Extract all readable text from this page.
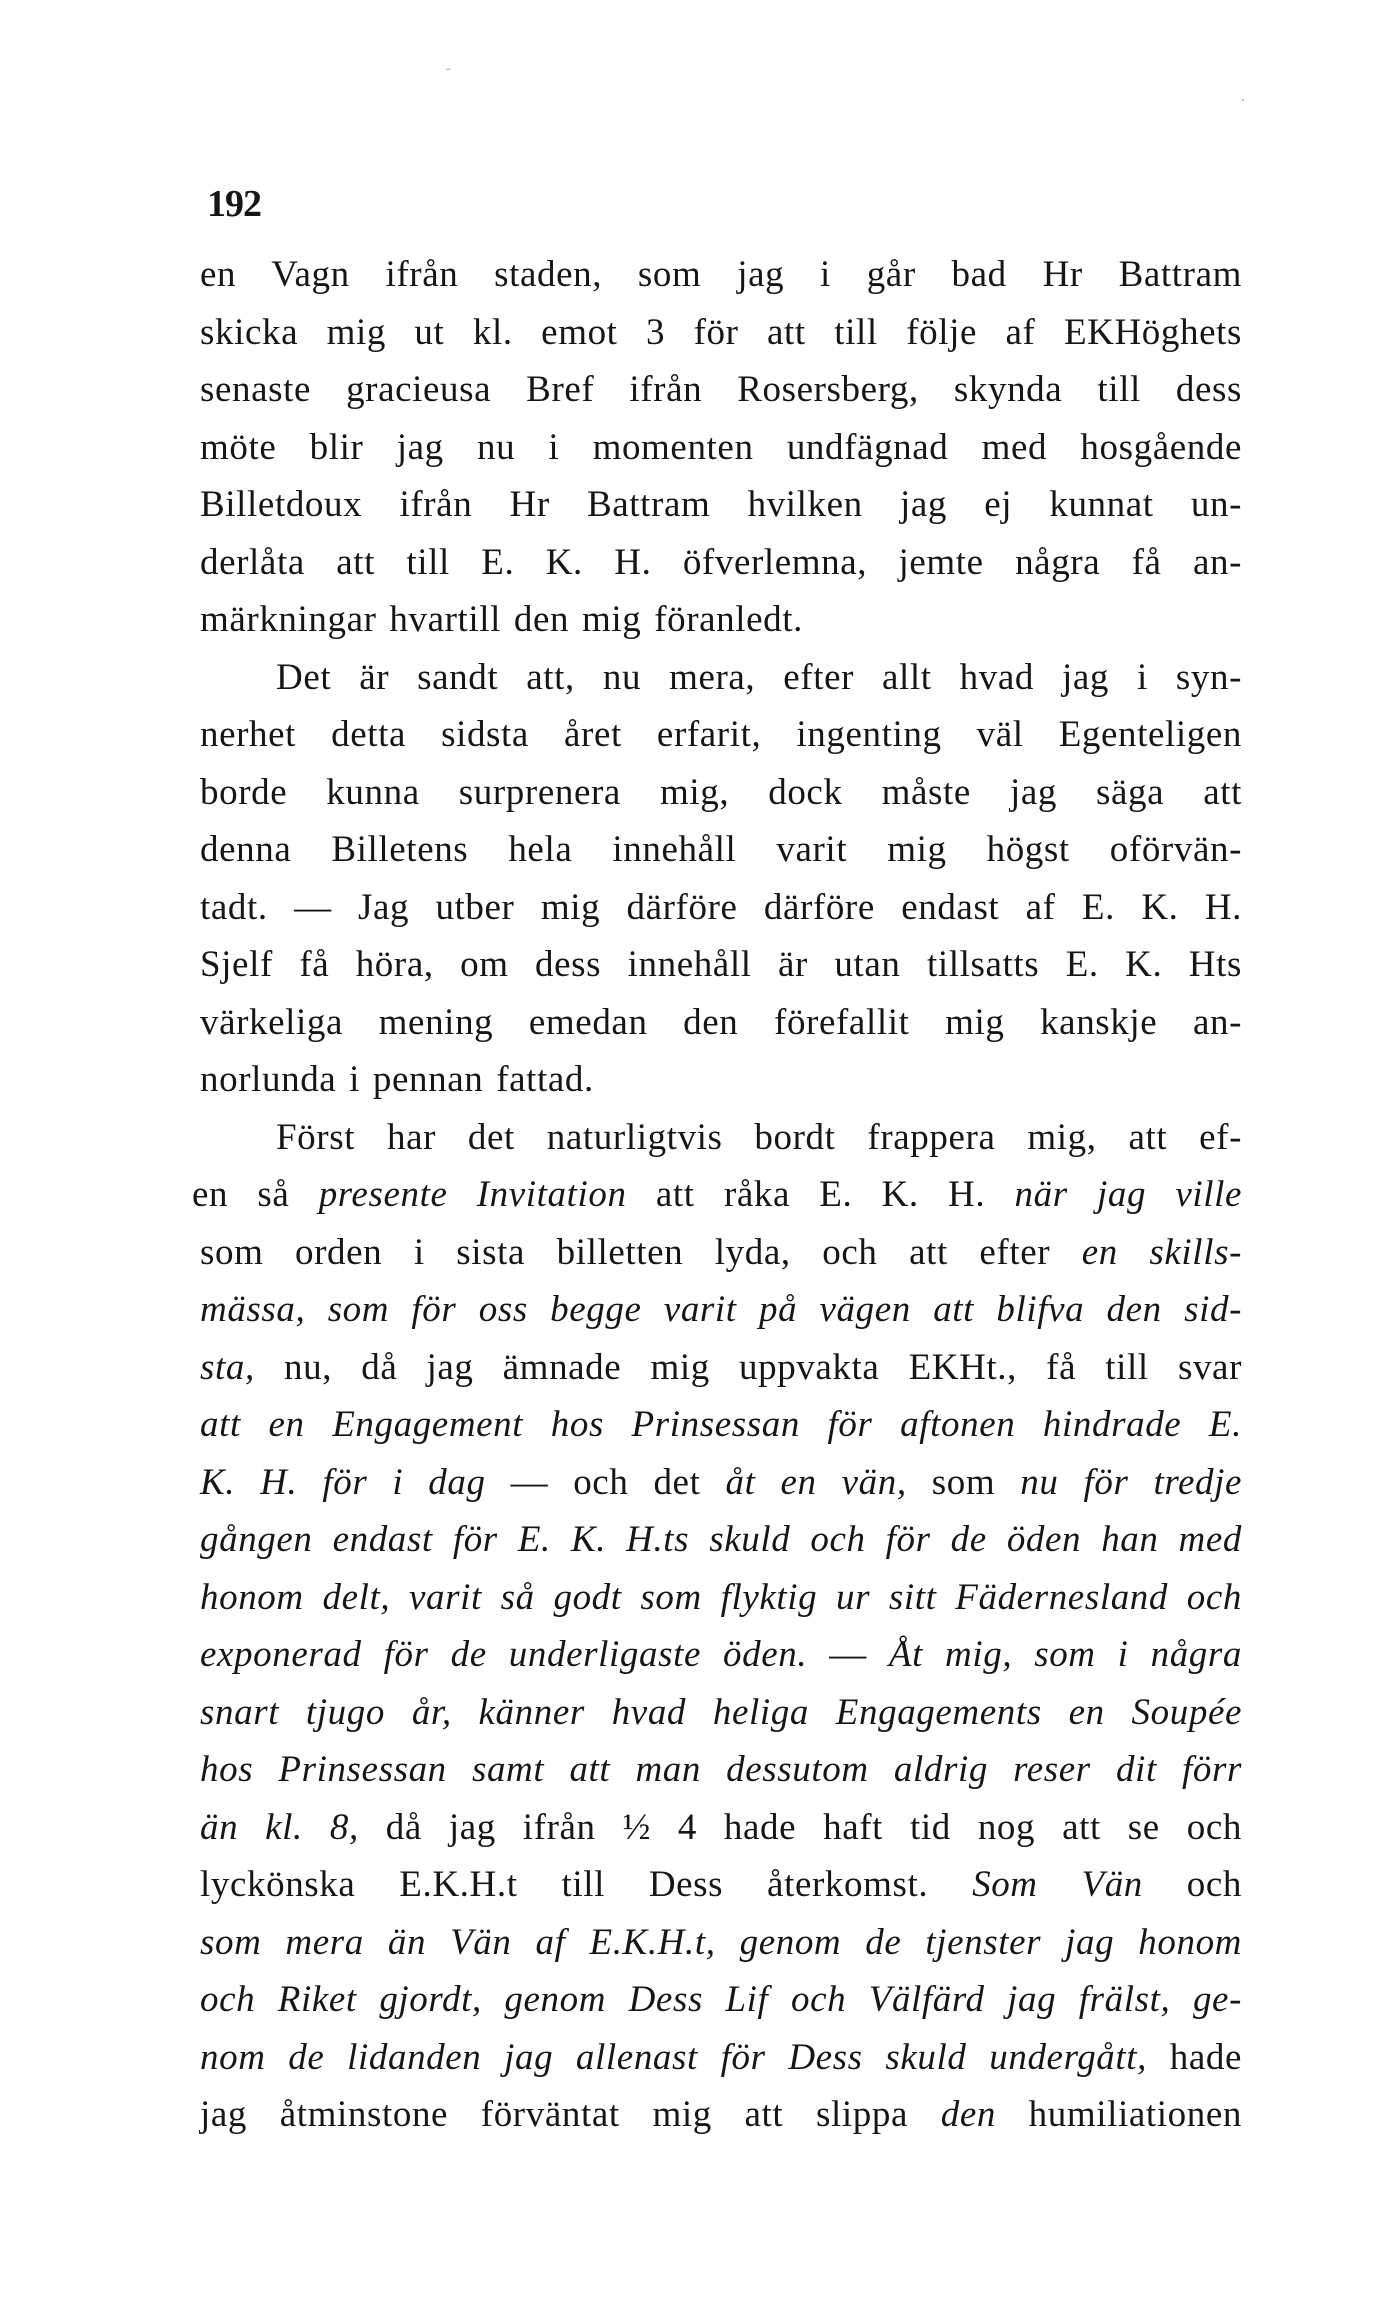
-
·
192
en Vagn ifrån staden, som jag i går bad Hr Battram
skicka mig ut kl. emot 3 för att till följe af EKHöghets
senaste gracieusa Bref ifrån Rosersberg, skynda till dess
möte blir jag nu i momenten undfägnad med hosgående
Billetdoux ifrån Hr Battram hvilken jag ej kunnat un-
derlåta att till E. K. H. öfverlemna, jemte några få an-
märkningar hvartill den mig föranledt.
Det är sandt att, nu mera, efter allt hvad jag i syn-
nerhet detta sidsta året erfarit, ingenting väl Egenteligen
borde kunna surprenera mig, dock måste jag säga att
denna Billetens hela innehåll varit mig högst oförvän-
tadt. — Jag utber mig därföre därföre endast af E. K. H.
Sjelf få höra, om dess innehåll är utan tillsatts E. K. Hts
värkeliga mening emedan den förefallit mig kanskje an-
norlunda i pennan fattad.
Först har det naturligtvis bordt frappera mig, att ef-
en så presente Invitation att råka E. K. H. när jag ville
som orden i sista billetten lyda, och att efter en skills-
mässa, som för oss begge varit på vägen att blifva den sid-
sta, nu, då jag ämnade mig uppvakta EKHt., få till svar
att en Engagement hos Prinsessan för aftonen hindrade E.
K. H. för i dag — och det åt en vän, som nu för tredje
gången endast för E. K. H.ts skuld och för de öden han med
honom delt, varit så godt som flyktig ur sitt Fädernesland och
exponerad för de underligaste öden. — Åt mig, som i några
snart tjugo år, känner hvad heliga Engagements en Soupée
hos Prinsessan samt att man dessutom aldrig reser dit förr
än kl. 8, då jag ifrån ½ 4 hade haft tid nog att se och
lyckönska E.K.H.t till Dess återkomst. Som Vän och
som mera än Vän af E.K.H.t, genom de tjenster jag honom
och Riket gjordt, genom Dess Lif och Välfärd jag frälst, ge-
nom de lidanden jag allenast för Dess skuld undergått, hade
jag åtminstone förväntat mig att slippa den humiliationen
